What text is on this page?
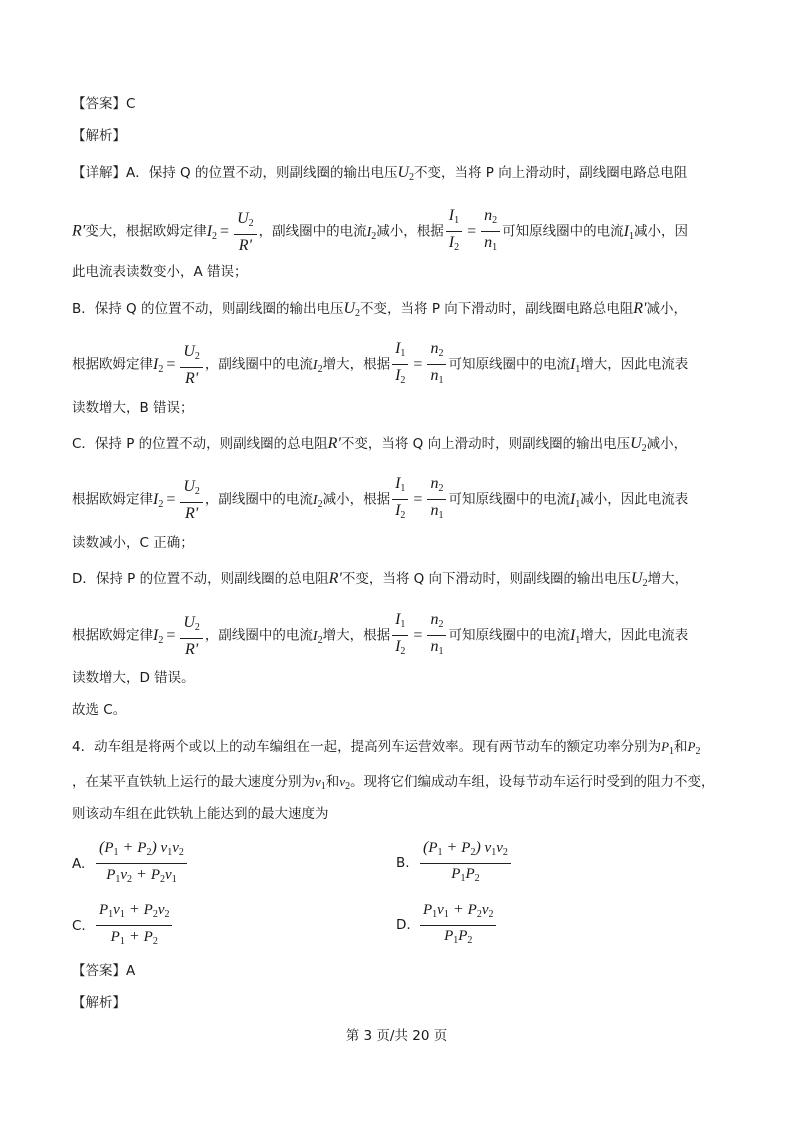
【答案】C
【解析】
【详解】A．保持 Q 的位置不动，则副线圈的输出电压$U_2$不变，当将 P 向上滑动时，副线圈电路总电阻
R'变大，根据欧姆定律$I_2 = \frac{U_2}{R'}$ ，副线圈中的电流$I_2$减小，根据 $\frac{I_1}{I_2} = \frac{n_2}{n_1}$ 可知原线圈中的电流$I_1$减小，因
此电流表读数变小，A 错误；
B．保持 Q 的位置不动，则副线圈的输出电压$U_2$不变，当将 P 向下滑动时，副线圈电路总电阻R'减小，
根据欧姆定律$I_2 = \frac{U_2}{R'}$ ，副线圈中的电流$I_2$增大，根据 $\frac{I_1}{I_2} = \frac{n_2}{n_1}$ 可知原线圈中的电流$I_1$增大，因此电流表
读数增大，B 错误；
C．保持 P 的位置不动，则副线圈的总电阻R'不变，当将 Q 向上滑动时，则副线圈的输出电压$U_2$减小，
根据欧姆定律$I_2 = \frac{U_2}{R'}$ ，副线圈中的电流$I_2$减小，根据 $\frac{I_1}{I_2} = \frac{n_2}{n_1}$ 可知原线圈中的电流$I_1$减小，因此电流表
读数减小，C 正确；
D．保持 P 的位置不动，则副线圈的总电阻R'不变，当将 Q 向下滑动时，则副线圈的输出电压$U_2$增大，
根据欧姆定律$I_2 = \frac{U_2}{R'}$ ，副线圈中的电流$I_2$增大，根据 $\frac{I_1}{I_2} = \frac{n_2}{n_1}$ 可知原线圈中的电流$I_1$增大，因此电流表
读数增大，D 错误。
故选 C。
4．动车组是将两个或以上的动车编组在一起，提高列车运营效率。现有两节动车的额定功率分别为$P_1$和$P_2$
，在某平直铁轨上运行的最大速度分别为$v_1$和$v_2$。现将它们编成动车组，设每节动车运行时受到的阻力不变，
则该动车组在此铁轨上能达到的最大速度为
A. $\frac{(P_1 + P_2) v_1v_2}{P_1v_2 + P_2v_1}$	B. $\frac{(P_1 + P_2) v_1v_2}{P_1P_2}$
C. $\frac{P_1v_1 + P_2v_2}{P_1 + P_2}$	D. $\frac{P_1v_1 + P_2v_2}{P_1P_2}$
【答案】A
【解析】
第 3 页/共 20 页
